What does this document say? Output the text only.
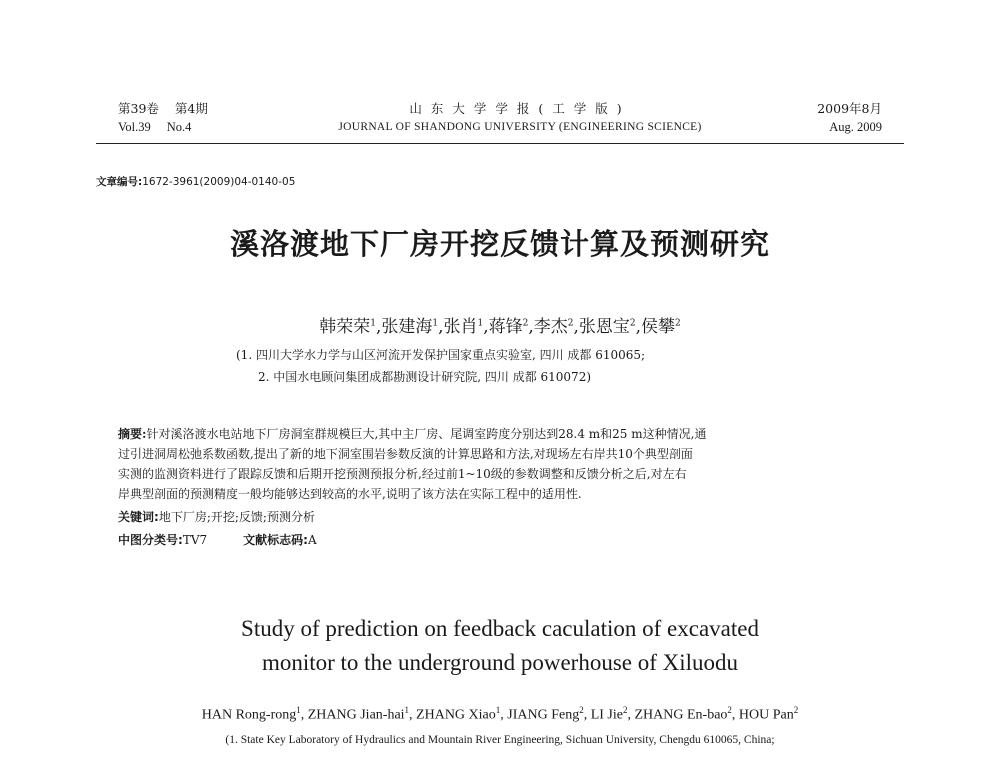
第39卷 第4期
Vol.39 No.4
山东大学学报(工学版)
JOURNAL OF SHANDONG UNIVERSITY (ENGINEERING SCIENCE)
2009年8月
Aug. 2009
文章编号:1672-3961(2009)04-0140-05
溪洛渡地下厂房开挖反馈计算及预测研究
韩荣荣$^1$,张建海$^1$,张肖$^1$,蒋锋$^2$,李杰$^2$,张恩宝$^2$,侯攀$^2$
(1. 四川大学水力学与山区河流开发保护国家重点实验室, 四川 成都 610065;
2. 中国水电顾问集团成都勘测设计研究院, 四川 成都 610072)
摘要:针对溪洛渡水电站地下厂房洞室群规模巨大,其中主厂房、尾调室跨度分别达到28.4 m和25 m这种情况,通
过引进洞周松弛系数函数,提出了新的地下洞室围岩参数反演的计算思路和方法,对现场左右岸共10个典型剖面
实测的监测资料进行了跟踪反馈和后期开挖预测预报分析,经过前1~10级的参数调整和反馈分析之后,对左右
岸典型剖面的预测精度一般均能够达到较高的水平,说明了该方法在实际工程中的适用性.
关键词:地下厂房;开挖;反馈;预测分析
中图分类号:TV7	文献标志码:A
Study of prediction on feedback caculation of excavated
monitor to the underground powerhouse of Xiluodu
HAN Rong-rong$^1$, ZHANG Jian-hai$^1$, ZHANG Xiao$^1$, JIANG Feng$^2$, LI Jie$^2$, ZHANG En-bao$^2$, HOU Pan$^2$
(1. State Key Laboratory of Hydraulics and Mountain River Engineering, Sichuan University, Chengdu 610065, China;
